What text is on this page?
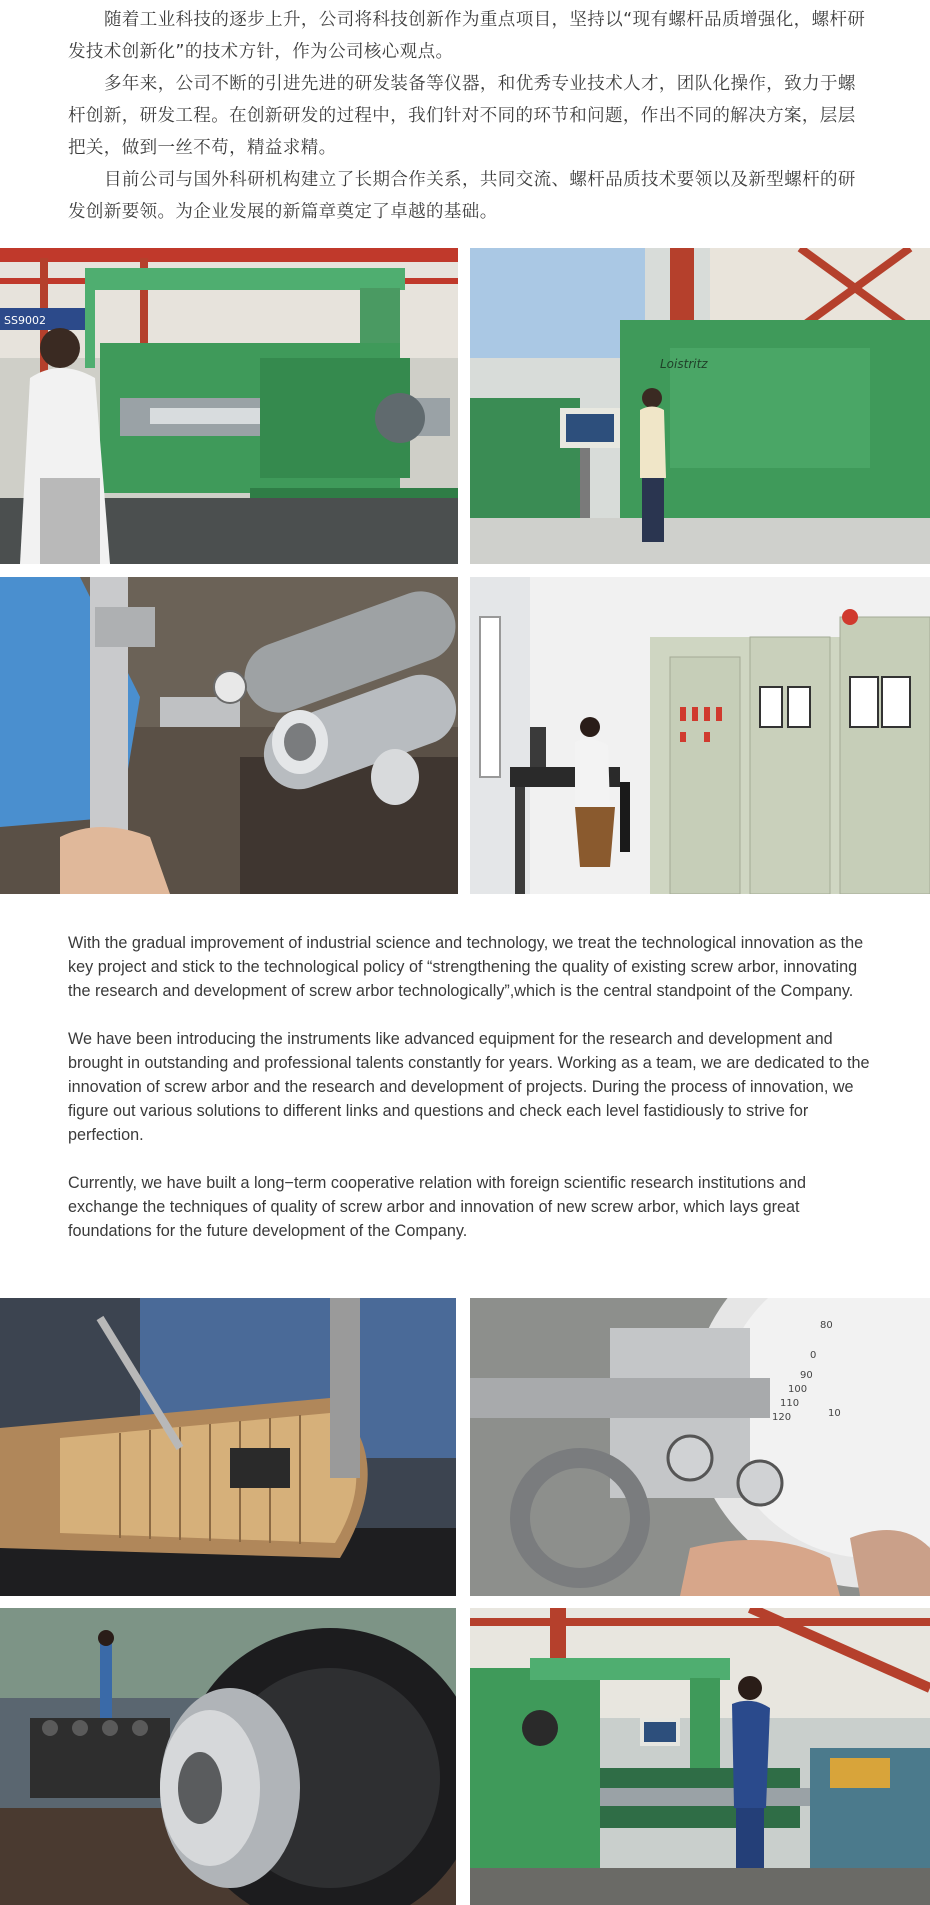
随着工业科技的逐步上升，公司将科技创新作为重点项目，坚持以“现有螺杆品质增强化，螺杆研发技术创新化”的技术方针，作为公司核心观点。

多年来，公司不断的引进先进的研发装备等仪器，和优秀专业技术人才，团队化操作，致力于螺杆创新，研发工程。在创新研发的过程中，我们针对不同的环节和问题，作出不同的解决方案，层层把关，做到一丝不苟，精益求精。

目前公司与国外科研机构建立了长期合作关系，共同交流、螺杆品质技术要领以及新型螺杆的研发创新要领。为企业发展的新篇章奠定了卓越的基础。

SS9002
Loistritz

With the gradual improvement of industrial science and technology, we treat the technological innovation as the key project and stick to the technological policy of “strengthening the quality of existing screw arbor, innovating the research and development of screw arbor technologically”,which is the central standpoint of the Company.

We have been introducing the instruments like advanced equipment for the research and development and brought in outstanding and professional talents constantly for years. Working as a team, we are dedicated to the innovation of screw arbor and the research and development of projects. During the process of innovation, we figure out various solutions to different links and questions and check each level fastidiously to strive for perfection.

Currently, we have built a long−term cooperative relation with foreign scientific research institutions and exchange the techniques of quality of screw arbor and innovation of new screw arbor, which lays great foundations for the future development of the Company.

80
0
10
90
100
110
120
